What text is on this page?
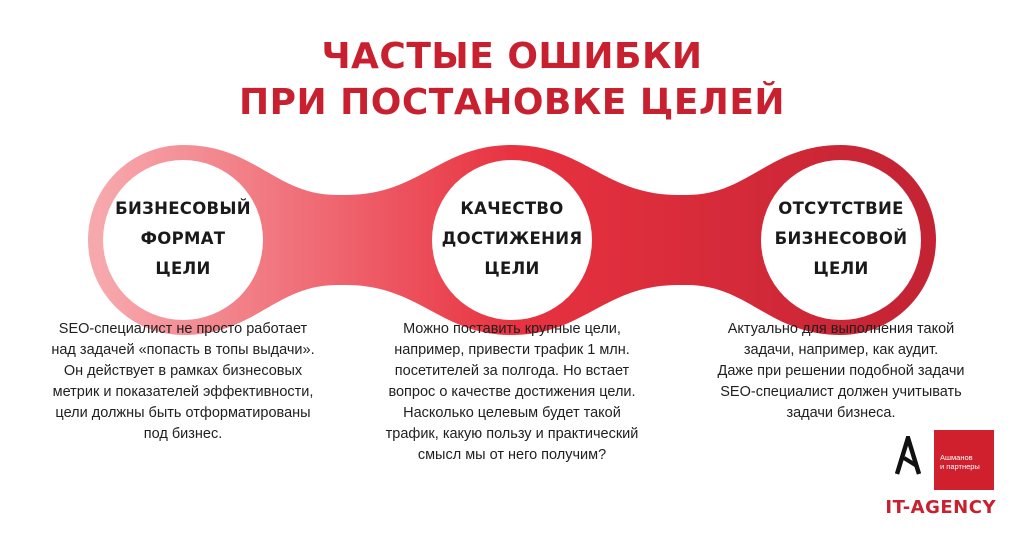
ЧАСТЫЕ ОШИБКИ
ПРИ ПОСТАНОВКЕ ЦЕЛЕЙ
БИЗНЕСОВЫЙ
ФОРМАТ
ЦЕЛИ
КАЧЕСТВО
ДОСТИЖЕНИЯ
ЦЕЛИ
ОТСУТСТВИЕ
БИЗНЕСОВОЙ
ЦЕЛИ
SEO-специалист не просто работает
над задачей «попасть в топы выдачи».
Он действует в рамках бизнесовых
метрик и показателей эффективности,
цели должны быть отформатированы
под бизнес.
Можно поставить крупные цели,
например, привести трафик 1 млн.
посетителей за полгода. Но встает
вопрос о качестве достижения цели.
Насколько целевым будет такой
трафик, какую пользу и практический
смысл мы от него получим?
Актуально для выполнения такой
задачи, например, как аудит.
Даже при решении подобной задачи
SEO-специалист должен учитывать
задачи бизнеса.
Ашманов
и партнеры
IT-AGENCY
